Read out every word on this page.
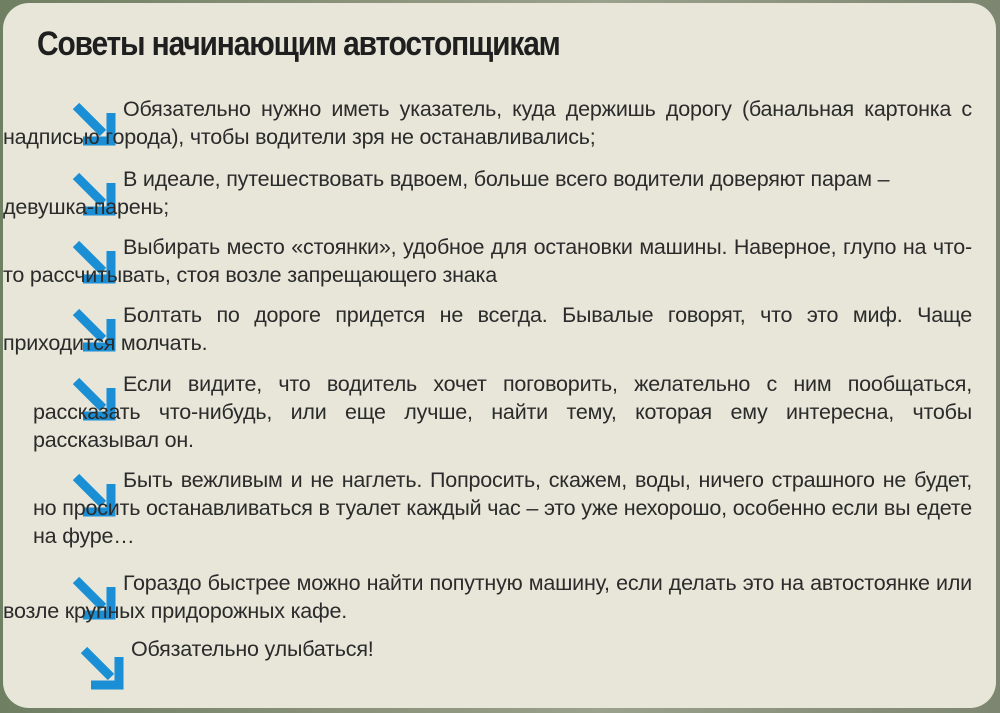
Советы начинающим автостопщикам

Обязательно нужно иметь указатель, куда держишь дорогу (банальная картонка с надписью города), чтобы водители зря не останавливались;

В идеале, путешествовать вдвоем, больше всего водители доверяют парам – девушка-парень;

Выбирать место «стоянки», удобное для остановки машины. Наверное, глупо на что-то рассчитывать, стоя возле запрещающего знака

Болтать по дороге придется не всегда. Бывалые говорят, что это миф. Чаще приходится молчать.

Если видите, что водитель хочет поговорить, желательно с ним пообщаться, рассказать что-нибудь, или еще лучше, найти тему, которая ему интересна, чтобы рассказывал он.

Быть вежливым и не наглеть. Попросить, скажем, воды, ничего страшного не будет, но просить останавливаться в туалет каждый час – это уже нехорошо, особенно если вы едете на фуре…

Гораздо быстрее можно найти попутную машину, если делать это на автостоянке или возле крупных придорожных кафе.

Обязательно улыбаться!
